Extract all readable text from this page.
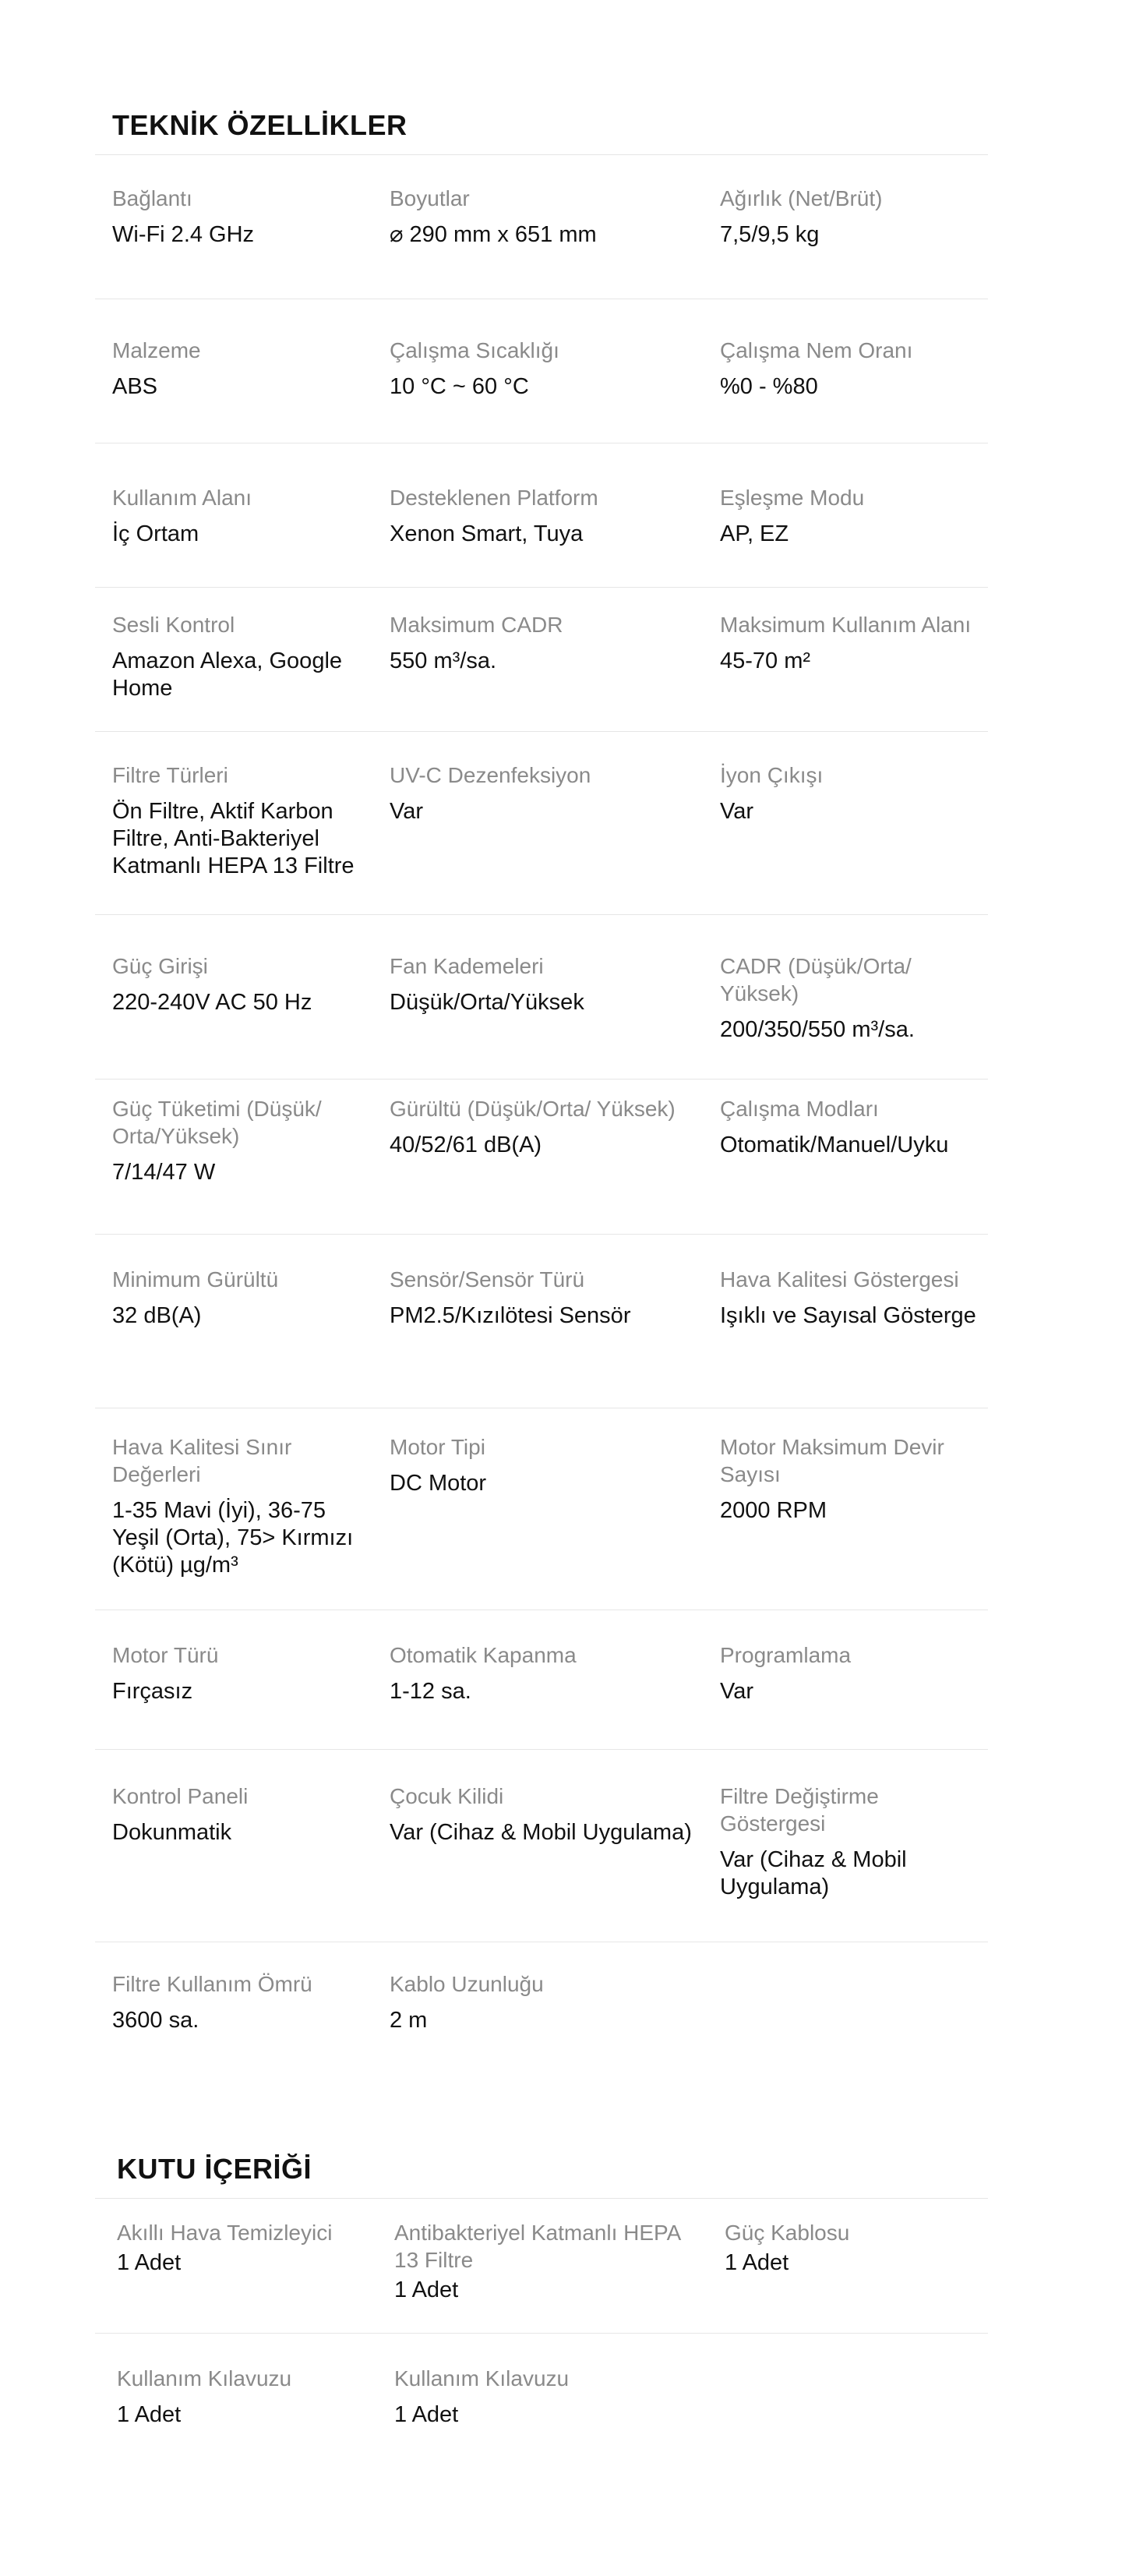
TEKNİK ÖZELLİKLER

Bağlantı

Wi-Fi 2.4 GHz

Boyutlar

⌀ 290 mm x 651 mm

Ağırlık (Net/Brüt)

7,5/9,5 kg

Malzeme

ABS

Çalışma Sıcaklığı

10 °C ~ 60 °C

Çalışma Nem Oranı

%0 - %80

Kullanım Alanı

İç Ortam

Desteklenen Platform

Xenon Smart, Tuya

Eşleşme Modu

AP, EZ

Sesli Kontrol

Amazon Alexa, Google Home

Maksimum CADR

550 m³/sa.

Maksimum Kullanım Alanı

45-70 m²

Filtre Türleri

Ön Filtre, Aktif Karbon Filtre, Anti-Bakteriyel Katmanlı HEPA 13 Filtre

UV-C Dezenfeksiyon

Var

İyon Çıkışı

Var

Güç Girişi

220-240V AC 50 Hz

Fan Kademeleri

Düşük/Orta/Yüksek

CADR (Düşük/Orta/ Yüksek)

200/350/550 m³/sa.

Güç Tüketimi (Düşük/ Orta/Yüksek)

7/14/47 W

Gürültü (Düşük/Orta/ Yüksek)

40/52/61 dB(A)

Çalışma Modları

Otomatik/Manuel/Uyku

Minimum Gürültü

32 dB(A)

Sensör/Sensör Türü

PM2.5/Kızılötesi Sensör

Hava Kalitesi Göstergesi

Işıklı ve Sayısal Gösterge

Hava Kalitesi Sınır Değerleri

1-35 Mavi (İyi), 36-75 Yeşil (Orta), 75> Kırmızı (Kötü) µg/m³

Motor Tipi

DC Motor

Motor Maksimum Devir Sayısı

2000 RPM

Motor Türü

Fırçasız

Otomatik Kapanma

1-12 sa.

Programlama

Var

Kontrol Paneli

Dokunmatik

Çocuk Kilidi

Var (Cihaz & Mobil Uygulama)

Filtre Değiştirme Göstergesi

Var (Cihaz & Mobil Uygulama)

Filtre Kullanım Ömrü

3600 sa.

Kablo Uzunluğu

2 m

KUTU İÇERİĞİ

Akıllı Hava Temizleyici

1 Adet

Antibakteriyel Katmanlı HEPA 13 Filtre

1 Adet

Güç Kablosu

1 Adet

Kullanım Kılavuzu

1 Adet

Kullanım Kılavuzu

1 Adet
